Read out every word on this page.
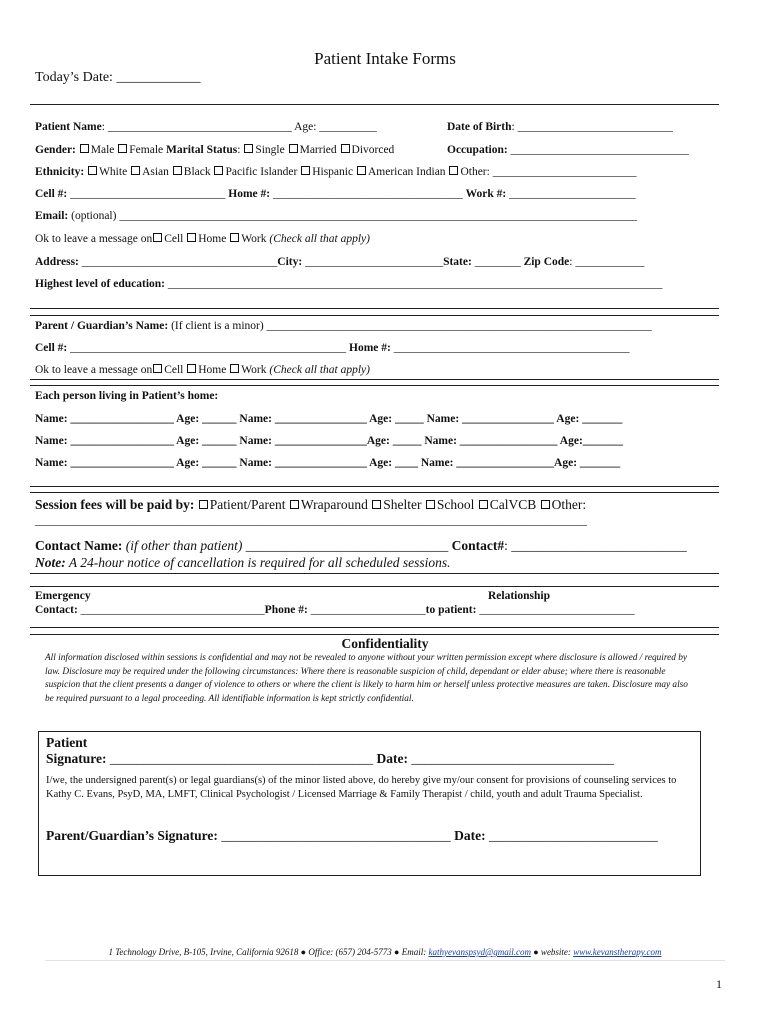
Patient Intake Forms
Today’s Date: ____________
Patient Name: ________________________________ Age: __________	Date of Birth: ___________________________
Gender: Male Female Marital Status: Single Married Divorced	Occupation: _______________________________
Ethnicity: White Asian Black Pacific Islander Hispanic American Indian Other: _________________________
Cell #: ___________________________ Home #: _________________________________ Work #: ______________________
Email: (optional) __________________________________________________________________________________________
Ok to leave a message on Cell Home Work (Check all that apply)
Address: __________________________________City: ________________________State: ________ Zip Code: ____________
Highest level of education: ______________________________________________________________________________________
Parent / Guardian’s Name: (If client is a minor) ___________________________________________________________________
Cell #: ________________________________________________ Home #: _________________________________________
Ok to leave a message on Cell Home Work (Check all that apply)
Each person living in Patient’s home:
Name: __________________ Age: ______ Name: ________________ Age: _____ Name: ________________ Age: _______
Name: __________________ Age: ______ Name: ________________Age: _____ Name: _________________ Age:_______
Name: __________________ Age: ______ Name: ________________ Age: ____ Name: _________________Age: _______
Session fees will be paid by: Patient/Parent Wraparound Shelter School CalVCB Other:
________________________________________________________________________________________________
Contact Name: (if other than patient) ______________________________ Contact#: __________________________
Note: A 24-hour notice of cancellation is required for all scheduled sessions.
Emergency
Contact: ________________________________Phone #: ____________________to patient: ___________________________
Relationship
Confidentiality
All information disclosed within sessions is confidential and may not be revealed to anyone without your written permission except where disclosure is allowed / required by law. Disclosure may be required under the following circumstances: Where there is reasonable suspicion of child, dependant or elder abuse; where there is reasonable suspicion that the client presents a danger of violence to others or where the client is likely to harm him or herself unless protective measures are taken. Disclosure may also be required pursuant to a legal proceeding. All identifiable information is kept strictly confidential.
Patient
Signature: _______________________________________ Date: ______________________________
I/we, the undersigned parent(s) or legal guardians(s) of the minor listed above, do hereby give my/our consent for provisions of counseling services to Kathy C. Evans, PsyD, MA, LMFT, Clinical Psychologist / Licensed Marriage & Family Therapist / child, youth and adult Trauma Specialist.
Parent/Guardian’s Signature: __________________________________ Date: _________________________
1 Technology Drive, B-105, Irvine, California 92618 ● Office: (657) 204-5773 ● Email: kathyevanspsyd@gmail.com ● website: www.kevanstherapy.com
1
